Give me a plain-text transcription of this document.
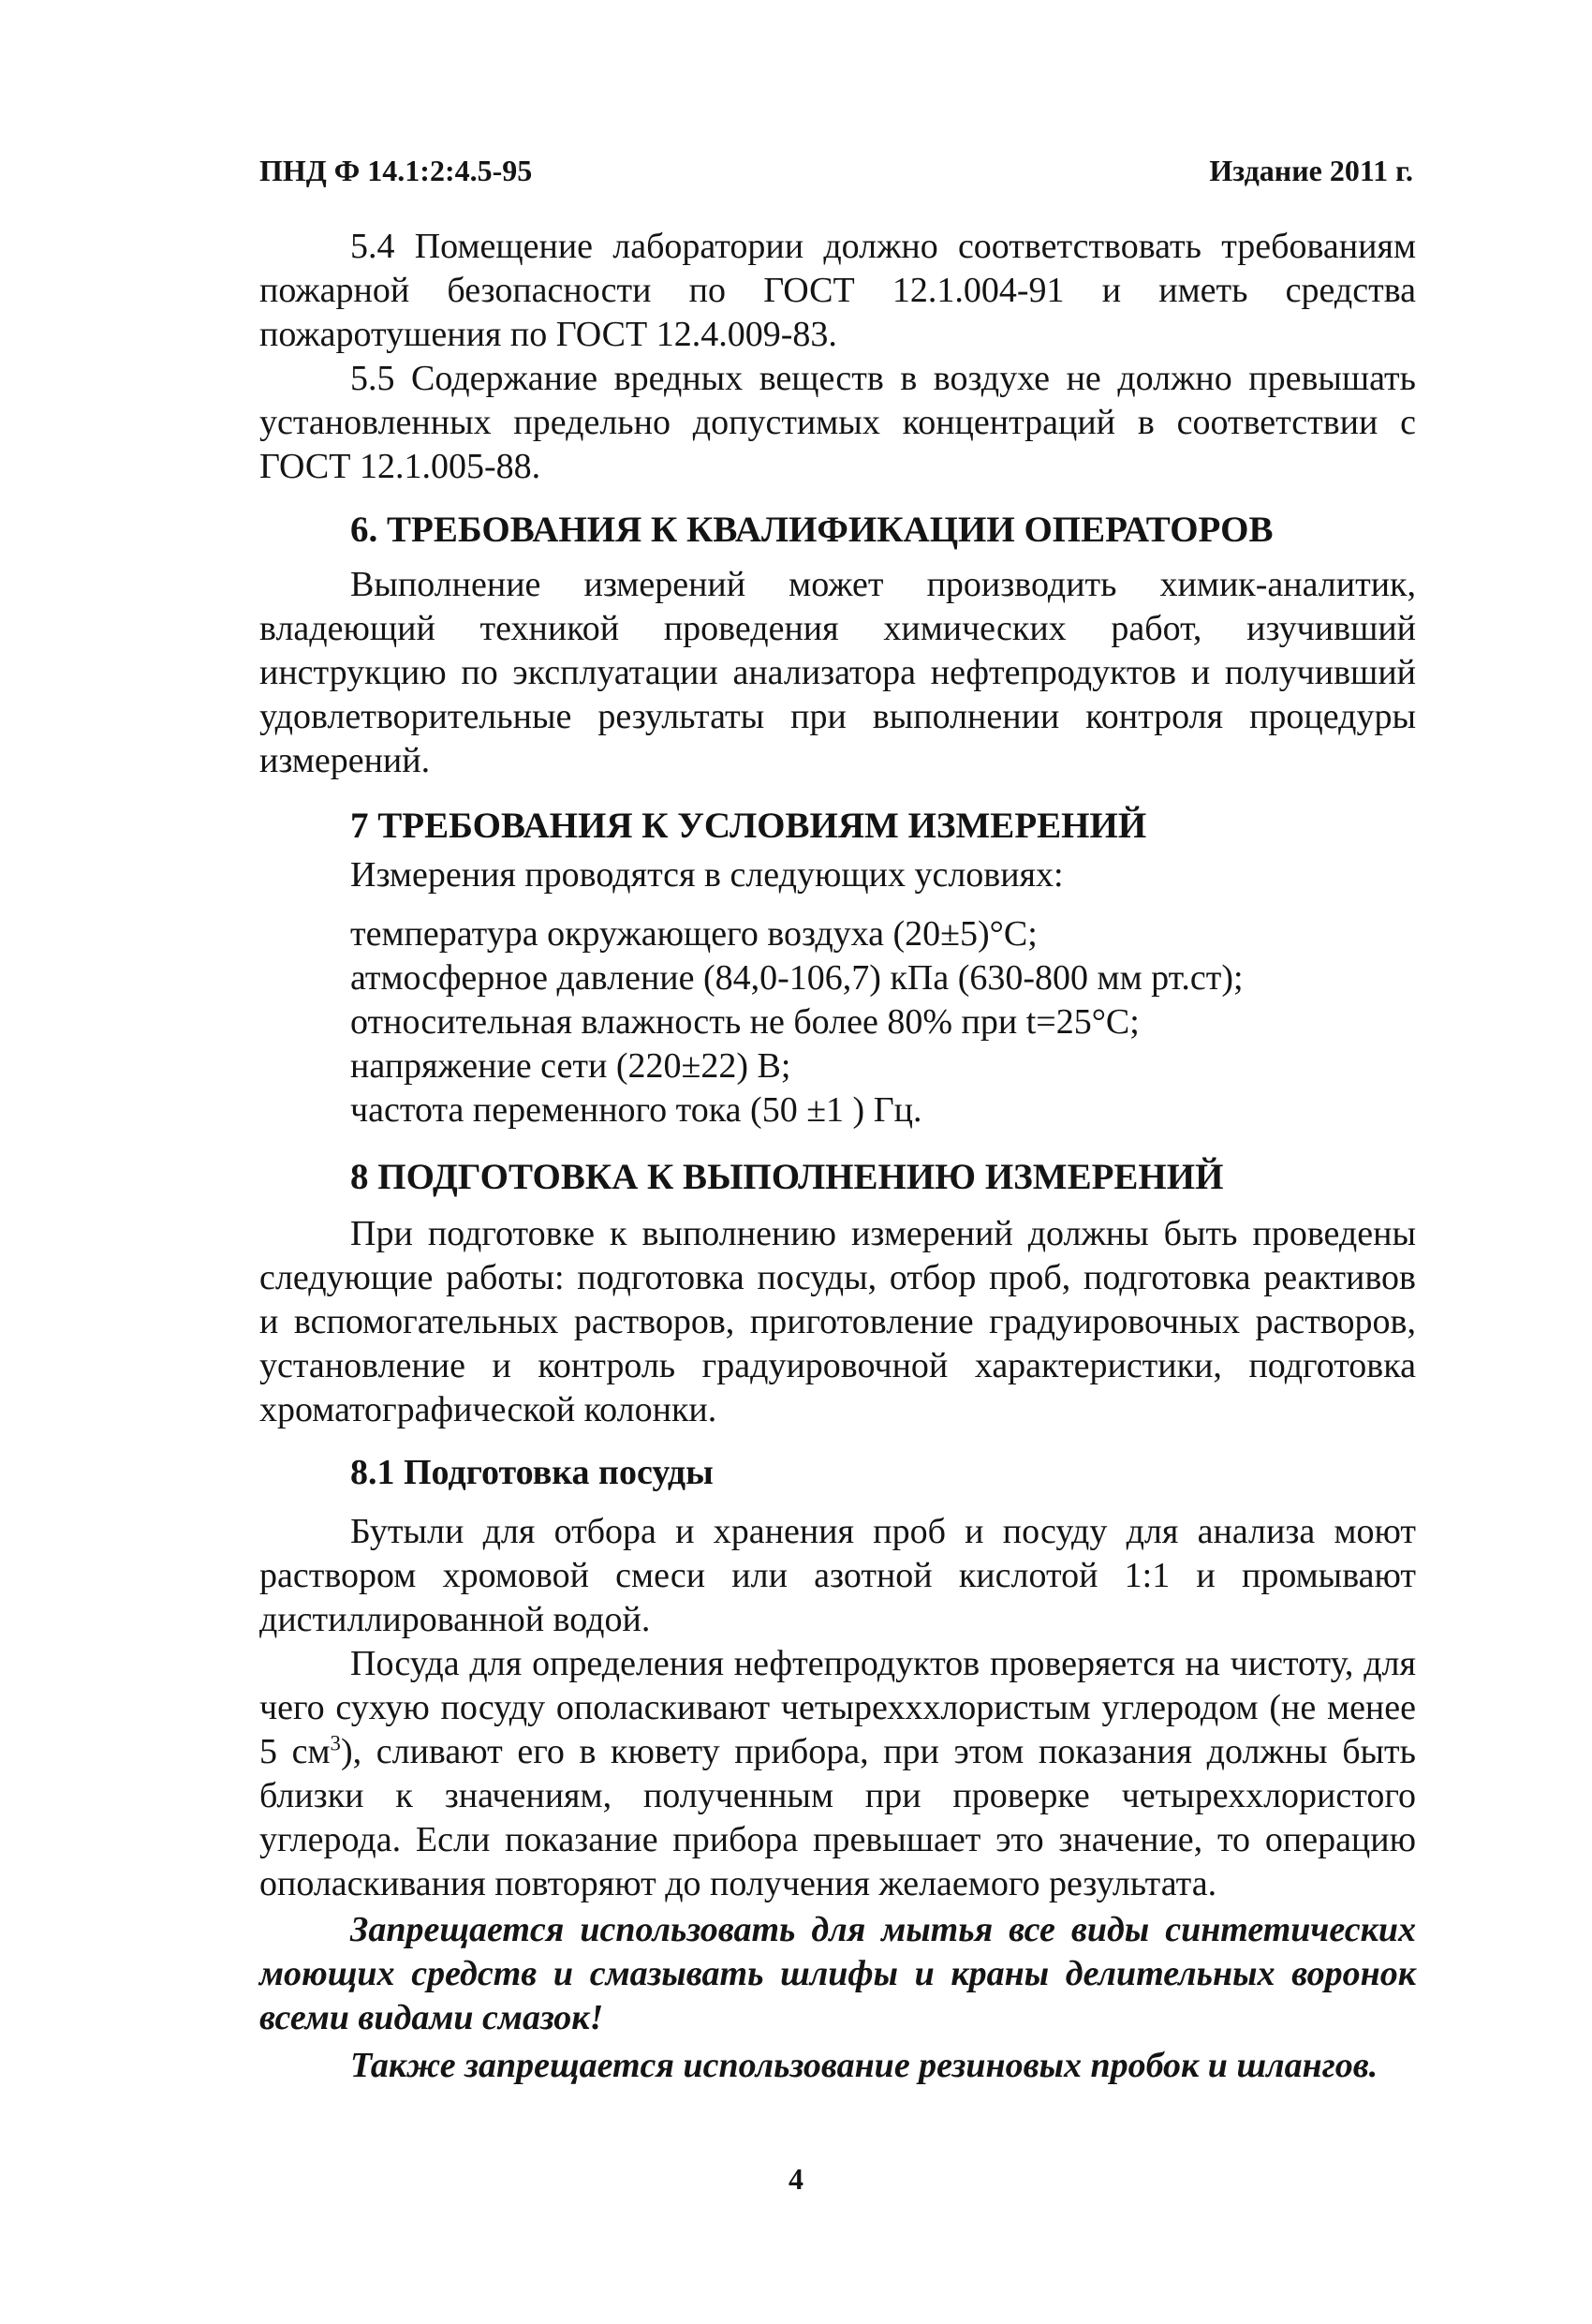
ПНД Ф 14.1:2:4.5-95	Издание 2011 г.

5.4 Помещение лаборатории должно соответствовать требованиям пожарной безопасности по ГОСТ 12.1.004-91 и иметь средства пожаротушения по ГОСТ 12.4.009-83.

5.5 Содержание вредных веществ в воздухе не должно превышать установленных предельно допустимых концентраций в соответствии с ГОСТ 12.1.005-88.

6. ТРЕБОВАНИЯ К КВАЛИФИКАЦИИ ОПЕРАТОРОВ

Выполнение измерений может производить химик-аналитик, владеющий техникой проведения химических работ, изучивший инструкцию по эксплуатации анализатора нефтепродуктов и получивший удовлетворительные результаты при выполнении контроля процедуры измерений.

7 ТРЕБОВАНИЯ К УСЛОВИЯМ ИЗМЕРЕНИЙ

Измерения проводятся в следующих условиях:

температура окружающего воздуха (20±5)°С;
атмосферное давление (84,0-106,7) кПа (630-800 мм рт.ст);
относительная влажность не более 80% при t=25°С;
напряжение сети (220±22) В;
частота переменного тока (50 ±1 ) Гц.

8 ПОДГОТОВКА К ВЫПОЛНЕНИЮ ИЗМЕРЕНИЙ

При подготовке к выполнению измерений должны быть проведены следующие работы: подготовка посуды, отбор проб, подготовка реактивов и вспомогательных растворов, приготовление градуировочных растворов, установление и контроль градуировочной характеристики, подготовка хроматографической колонки.

8.1 Подготовка посуды

Бутыли для отбора и хранения проб и посуду для анализа моют раствором хромовой смеси или азотной кислотой 1:1 и промывают дистиллированной водой.

Посуда для определения нефтепродуктов проверяется на чистоту, для чего сухую посуду ополаскивают четырехххлористым углеродом (не менее 5 $см^3$), сливают его в кювету прибора, при этом показания должны быть близки к значениям, полученным при проверке четыреххлористого углерода. Если показание прибора превышает это значение, то операцию ополаскивания повторяют до получения желаемого результата.

Запрещается использовать для мытья все виды синтетических моющих средств и смазывать шлифы и краны делительных воронок всеми видами смазок!

Также запрещается использование резиновых пробок и шлангов.

4
